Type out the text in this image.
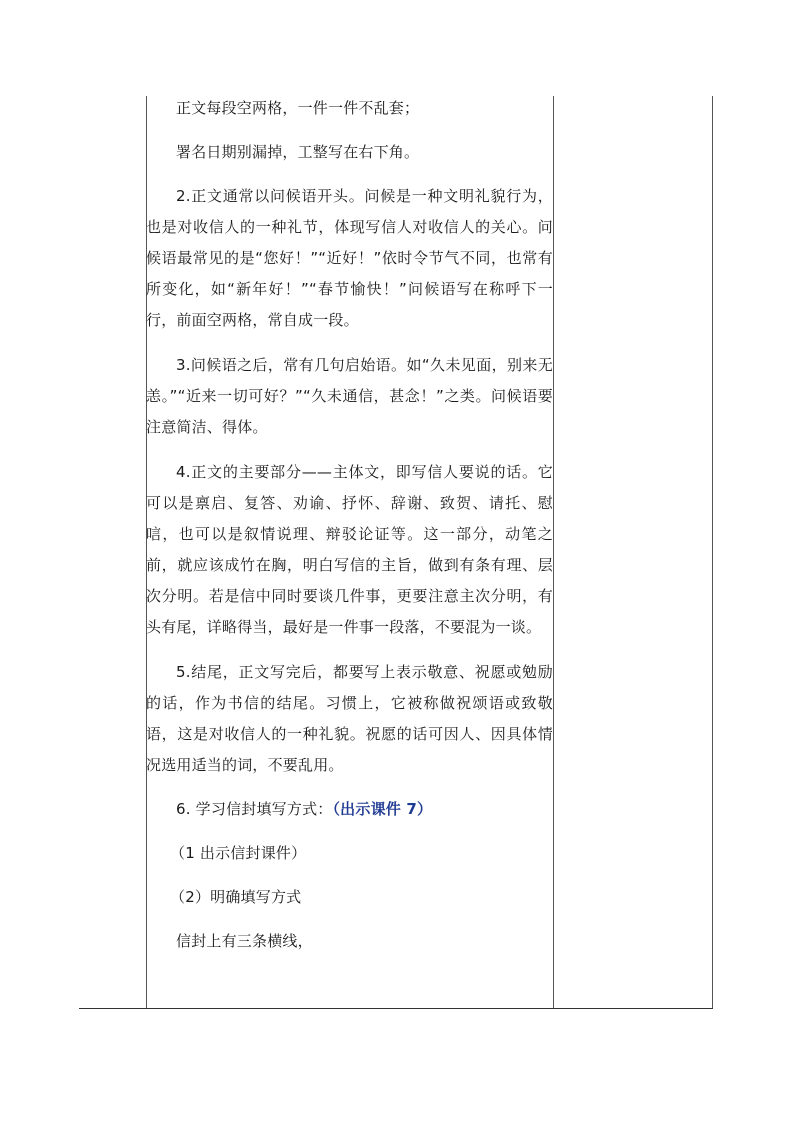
正文每段空两格，一件一件不乱套；

署名日期别漏掉，工整写在右下角。

2.正文通常以问候语开头。问候是一种文明礼貌行为，也是对收信人的一种礼节，体现写信人对收信人的关心。问候语最常见的是“您好！”“近好！”依时令节气不同，也常有所变化，如“新年好！”“春节愉快！”问候语写在称呼下一行，前面空两格，常自成一段。

3.问候语之后，常有几句启始语。如“久未见面，别来无恙。”“近来一切可好？”“久未通信，甚念！”之类。问候语要注意简洁、得体。

4.正文的主要部分——主体文，即写信人要说的话。它可以是禀启、复答、劝谕、抒怀、辞谢、致贺、请托、慰唁，也可以是叙情说理、辩驳论证等。这一部分，动笔之前，就应该成竹在胸，明白写信的主旨，做到有条有理、层次分明。若是信中同时要谈几件事，更要注意主次分明，有头有尾，详略得当，最好是一件事一段落，不要混为一谈。

5.结尾，正文写完后，都要写上表示敬意、祝愿或勉励的话，作为书信的结尾。习惯上，它被称做祝颂语或致敬语，这是对收信人的一种礼貌。祝愿的话可因人、因具体情况选用适当的词，不要乱用。

6. 学习信封填写方式：（出示课件 7）

（1 出示信封课件）

（2）明确填写方式

信封上有三条横线，
